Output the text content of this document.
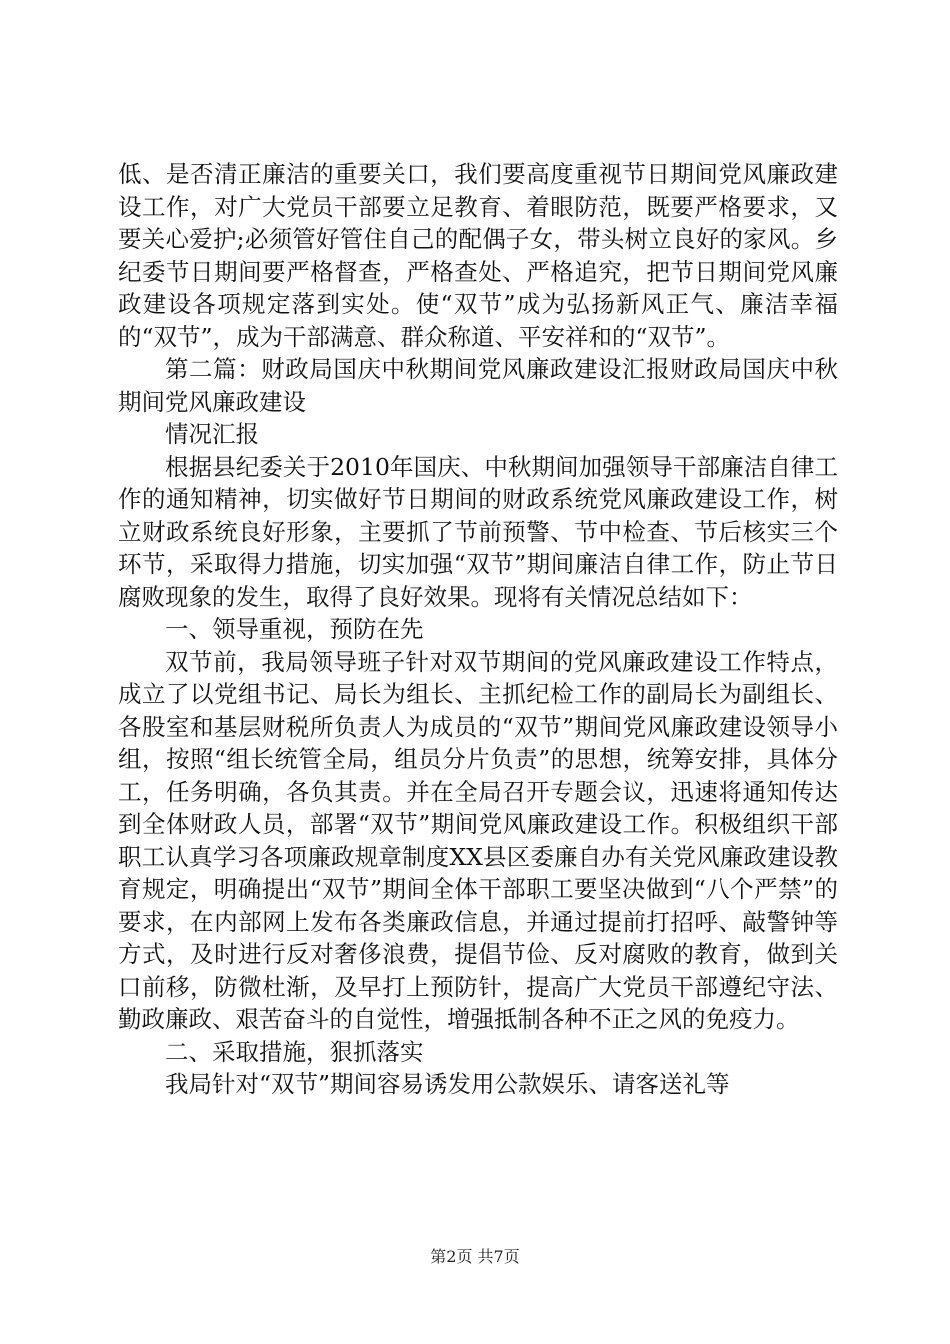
低、是否清正廉洁的重要关口，我们要高度重视节日期间党风廉政建设工作，对广大党员干部要立足教育、着眼防范，既要严格要求，又要关心爱护;必须管好管住自己的配偶子女，带头树立良好的家风。乡纪委节日期间要严格督查，严格查处、严格追究，把节日期间党风廉政建设各项规定落到实处。使“双节”成为弘扬新风正气、廉洁幸福的“双节”，成为干部满意、群众称道、平安祥和的“双节”。

第二篇：财政局国庆中秋期间党风廉政建设汇报财政局国庆中秋期间党风廉政建设

情况汇报

根据县纪委关于2010年国庆、中秋期间加强领导干部廉洁自律工作的通知精神，切实做好节日期间的财政系统党风廉政建设工作，树立财政系统良好形象，主要抓了节前预警、节中检查、节后核实三个环节，采取得力措施，切实加强“双节”期间廉洁自律工作，防止节日腐败现象的发生，取得了良好效果。现将有关情况总结如下：

一、领导重视，预防在先

双节前，我局领导班子针对双节期间的党风廉政建设工作特点，成立了以党组书记、局长为组长、主抓纪检工作的副局长为副组长、各股室和基层财税所负责人为成员的“双节”期间党风廉政建设领导小组，按照“组长统管全局，组员分片负责”的思想，统筹安排，具体分工，任务明确，各负其责。并在全局召开专题会议，迅速将通知传达到全体财政人员，部署“双节”期间党风廉政建设工作。积极组织干部职工认真学习各项廉政规章制度XX县区委廉自办有关党风廉政建设教育规定，明确提出“双节”期间全体干部职工要坚决做到“八个严禁”的要求，在内部网上发布各类廉政信息，并通过提前打招呼、敲警钟等方式，及时进行反对奢侈浪费，提倡节俭、反对腐败的教育，做到关口前移，防微杜渐，及早打上预防针，提高广大党员干部遵纪守法、勤政廉政、艰苦奋斗的自觉性，增强抵制各种不正之风的免疫力。

二、采取措施，狠抓落实

我局针对“双节”期间容易诱发用公款娱乐、请客送礼等

第2页 共7页
